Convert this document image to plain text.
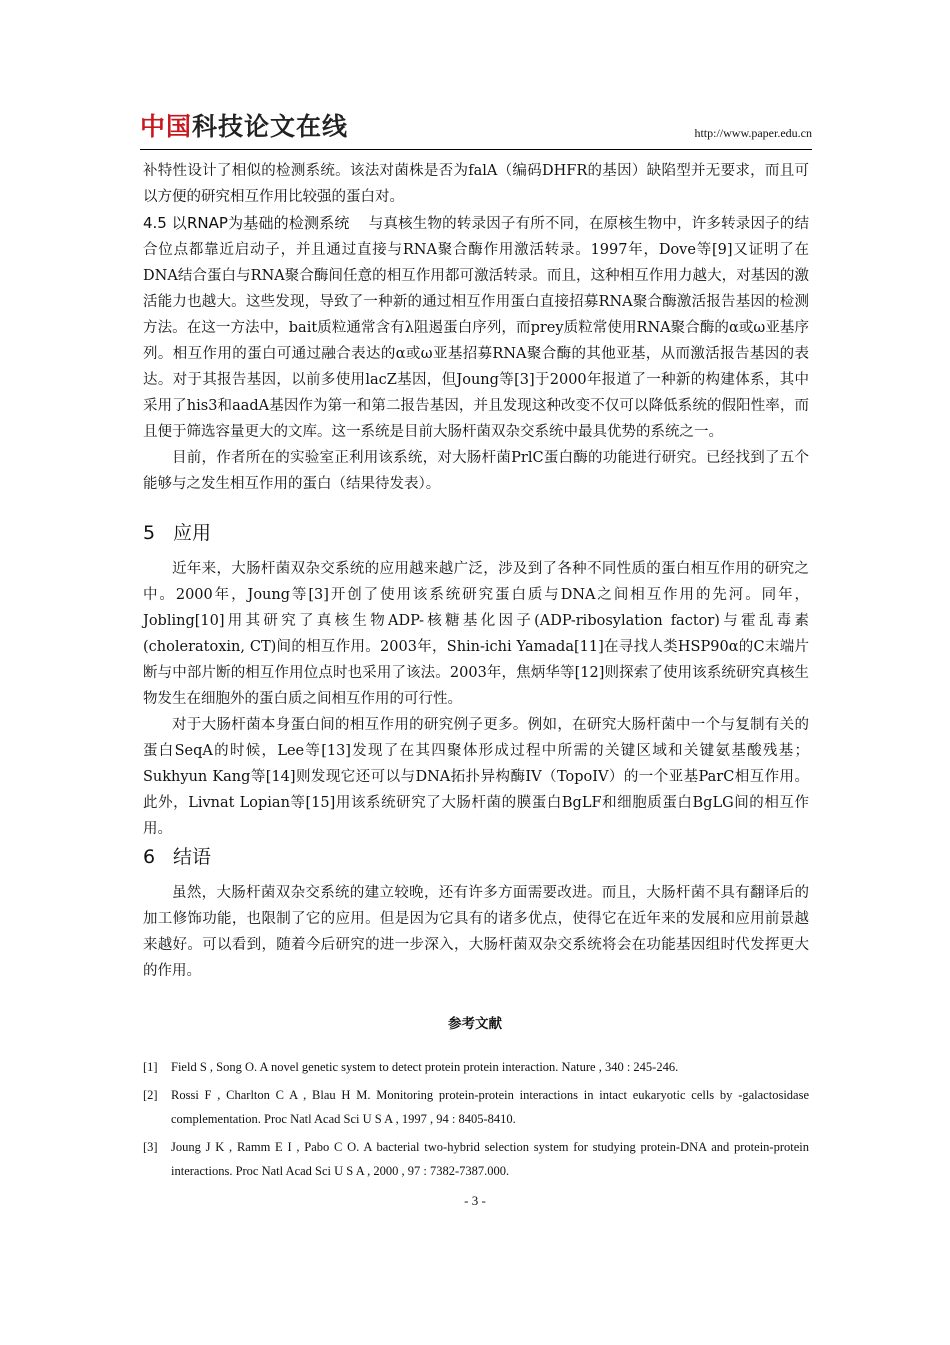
中国科技论文在线	http://www.paper.edu.cn

补特性设计了相似的检测系统。该法对菌株是否为falA（编码DHFR的基因）缺陷型并无要求，而且可以方便的研究相互作用比较强的蛋白对。

4.5 以RNAP为基础的检测系统 与真核生物的转录因子有所不同，在原核生物中，许多转录因子的结合位点都靠近启动子，并且通过直接与RNA聚合酶作用激活转录。1997年，Dove等[9]又证明了在DNA结合蛋白与RNA聚合酶间任意的相互作用都可激活转录。而且，这种相互作用力越大，对基因的激活能力也越大。这些发现，导致了一种新的通过相互作用蛋白直接招募RNA聚合酶激活报告基因的检测方法。在这一方法中，bait质粒通常含有λ阻遏蛋白序列，而prey质粒常使用RNA聚合酶的α或ω亚基序列。相互作用的蛋白可通过融合表达的α或ω亚基招募RNA聚合酶的其他亚基，从而激活报告基因的表达。对于其报告基因，以前多使用lacZ基因，但Joung等[3]于2000年报道了一种新的构建体系，其中采用了his3和aadA基因作为第一和第二报告基因，并且发现这种改变不仅可以降低系统的假阳性率，而且便于筛选容量更大的文库。这一系统是目前大肠杆菌双杂交系统中最具优势的系统之一。

目前，作者所在的实验室正利用该系统，对大肠杆菌PrlC蛋白酶的功能进行研究。已经找到了五个能够与之发生相互作用的蛋白（结果待发表）。

5 应用

近年来，大肠杆菌双杂交系统的应用越来越广泛，涉及到了各种不同性质的蛋白相互作用的研究之中。2000年，Joung等[3]开创了使用该系统研究蛋白质与DNA之间相互作用的先河。同年，Jobling[10]用其研究了真核生物ADP-核糖基化因子(ADP-ribosylation factor)与霍乱毒素(choleratoxin, CT)间的相互作用。2003年，Shin-ichi Yamada[11]在寻找人类HSP90α的C末端片断与中部片断的相互作用位点时也采用了该法。2003年，焦炳华等[12]则探索了使用该系统研究真核生物发生在细胞外的蛋白质之间相互作用的可行性。

对于大肠杆菌本身蛋白间的相互作用的研究例子更多。例如，在研究大肠杆菌中一个与复制有关的蛋白SeqA的时候，Lee等[13]发现了在其四聚体形成过程中所需的关键区域和关键氨基酸残基；Sukhyun Kang等[14]则发现它还可以与DNA拓扑异构酶IV（TopoIV）的一个亚基ParC相互作用。此外，Livnat Lopian等[15]用该系统研究了大肠杆菌的膜蛋白BgLF和细胞质蛋白BgLG间的相互作用。

6 结语

虽然，大肠杆菌双杂交系统的建立较晚，还有许多方面需要改进。而且，大肠杆菌不具有翻译后的加工修饰功能，也限制了它的应用。但是因为它具有的诸多优点，使得它在近年来的发展和应用前景越来越好。可以看到，随着今后研究的进一步深入，大肠杆菌双杂交系统将会在功能基因组时代发挥更大的作用。

参考文献
[1] Field S , Song O. A novel genetic system to detect protein protein interaction. Nature , 340 : 245-246.
[2] Rossi F , Charlton C A , Blau H M. Monitoring protein-protein interactions in intact eukaryotic cells by -galactosidase complementation. Proc Natl Acad Sci U S A , 1997 , 94 : 8405-8410.
[3] Joung J K , Ramm E I , Pabo C O. A bacterial two-hybrid selection system for studying protein-DNA and protein-protein interactions. Proc Natl Acad Sci U S A , 2000 , 97 : 7382-7387.000.
- 3 -
